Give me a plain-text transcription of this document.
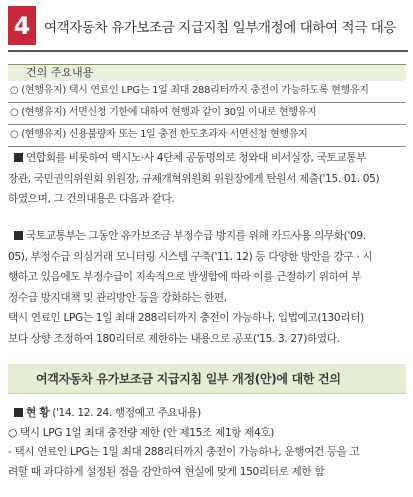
4	여객자동차 유가보조금 지급지침 일부개정에 대하여 적극 대응
건의 주요내용
○ (현행유지) 택시 연료인 LPG는 1일 최대 288리터까지 충전이 가능하도록 현행유지
○ (현행유지) 서면신청 기한에 대하여 현행과 같이 30일 이내로 현행유지
○ (현행유지) 신용불량자 또는 1일 충전 한도초과자 서면신청 현행유지
연합회를 비롯하여 택시노·사 4단체 공동명의로 청와대 비서실장, 국토교통부
장관, 국민권익위원회 위원장, 규제개혁위원회 위원장에게 탄원서 제출('15. 01. 05)
하였으며, 그 건의내용은 다음과 같다.
국토교통부는 그동안 유가보조금 부정수급 방지를 위해 카드사용 의무화('09.
05), 부정수급 의심거래 모니터링 시스템 구축('11. 12) 등 다양한 방안을 강구 · 시
행하고 있음에도 부정수급이 지속적으로 발생함에 따라 이를 근절하기 위하여 부
정수급 방지대책 및 관리방안 등을 강화하는 한편,
택시 연료인 LPG는 1일 최대 288리터까지 충전이 가능하나, 입법예고(130리터)
보다 상향 조정하여 180리터로 제한하는 내용으로 공포('15. 3. 27)하였다.
여객자동차 유가보조금 지급지침 일부 개정(안)에 대한 건의
현 황 ('14. 12. 24. 행정예고 주요내용)
○ 택시 LPG 1일 최대 충전량 제한 (안 제15조 제1항 제4호)
- 택시 연료인 LPG는 1일 최대 288리터까지 충전이 가능하나, 운행여건 등을 고
려할 때 과다하게 설정된 점을 감안하여 현실에 맞게 150리터로 제한 함
